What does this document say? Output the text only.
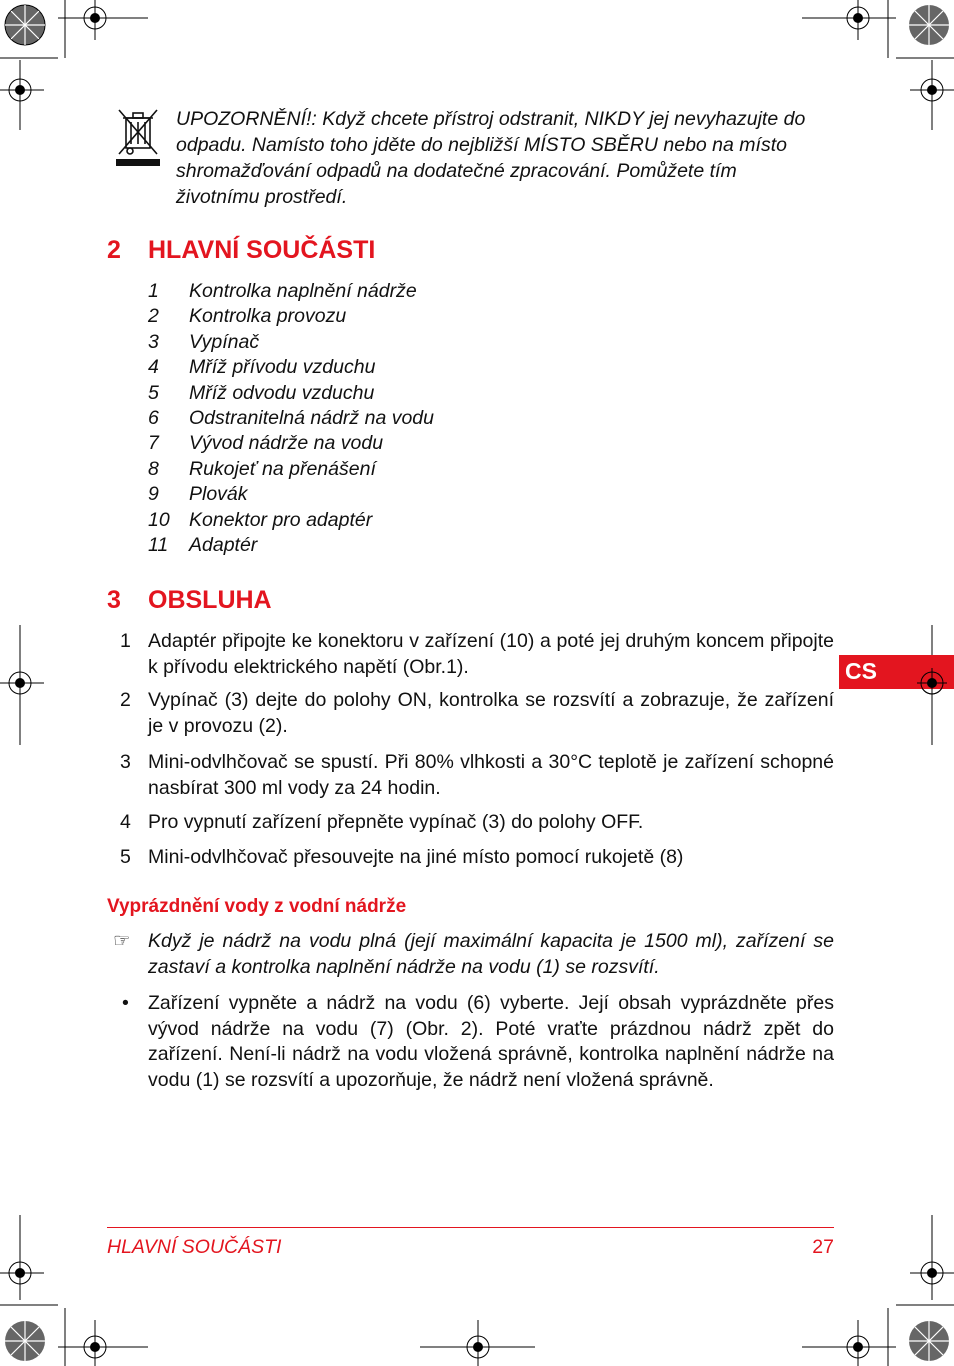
UPOZORNĚNÍ!: Když chcete přístroj odstranit, NIKDY jej nevyhazujte do odpadu. Namísto toho jděte do nejbližší MÍSTO SBĚRU nebo na místo shromažďování odpadů na dodatečné zpracování. Pomůžete tím životnímu prostředí.
2 HLAVNÍ SOUČÁSTI
1 Kontrolka naplnění nádrže
2 Kontrolka provozu
3 Vypínač
4 Mříž přívodu vzduchu
5 Mříž odvodu vzduchu
6 Odstranitelná nádrž na vodu
7 Vývod nádrže na vodu
8 Rukojeť na přenášení
9 Plovák
10 Konektor pro adaptér
11 Adaptér
3 OBSLUHA
1 Adaptér připojte ke konektoru v zařízení (10) a poté jej druhým koncem připojte k přívodu elektrického napětí (Obr.1).
2 Vypínač (3) dejte do polohy ON, kontrolka se rozsvítí a zobrazuje, že zařízení je v provozu (2).
3 Mini-odvlhčovač se spustí. Při 80% vlhkosti a 30°C teplotě je zařízení schopné nasbírat 300 ml vody za 24 hodin.
4 Pro vypnutí zařízení přepněte vypínač (3) do polohy OFF.
5 Mini-odvlhčovač přesouvejte na jiné místo pomocí rukojetě (8)
Vyprázdnění vody z vodní nádrže
☞ Když je nádrž na vodu plná (její maximální kapacita je 1500 ml), zařízení se zastaví a kontrolka naplnění nádrže na vodu (1) se rozsvítí.
• Zařízení vypněte a nádrž na vodu (6) vyberte. Její obsah vyprázdněte přes vývod nádrže na vodu (7) (Obr. 2). Poté vraťte prázdnou nádrž zpět do zařízení. Není-li nádrž na vodu vložená správně, kontrolka naplnění nádrže na vodu (1) se rozsvítí a upozorňuje, že nádrž není vložená správně.
CS
HLAVNÍ SOUČÁSTI	27
